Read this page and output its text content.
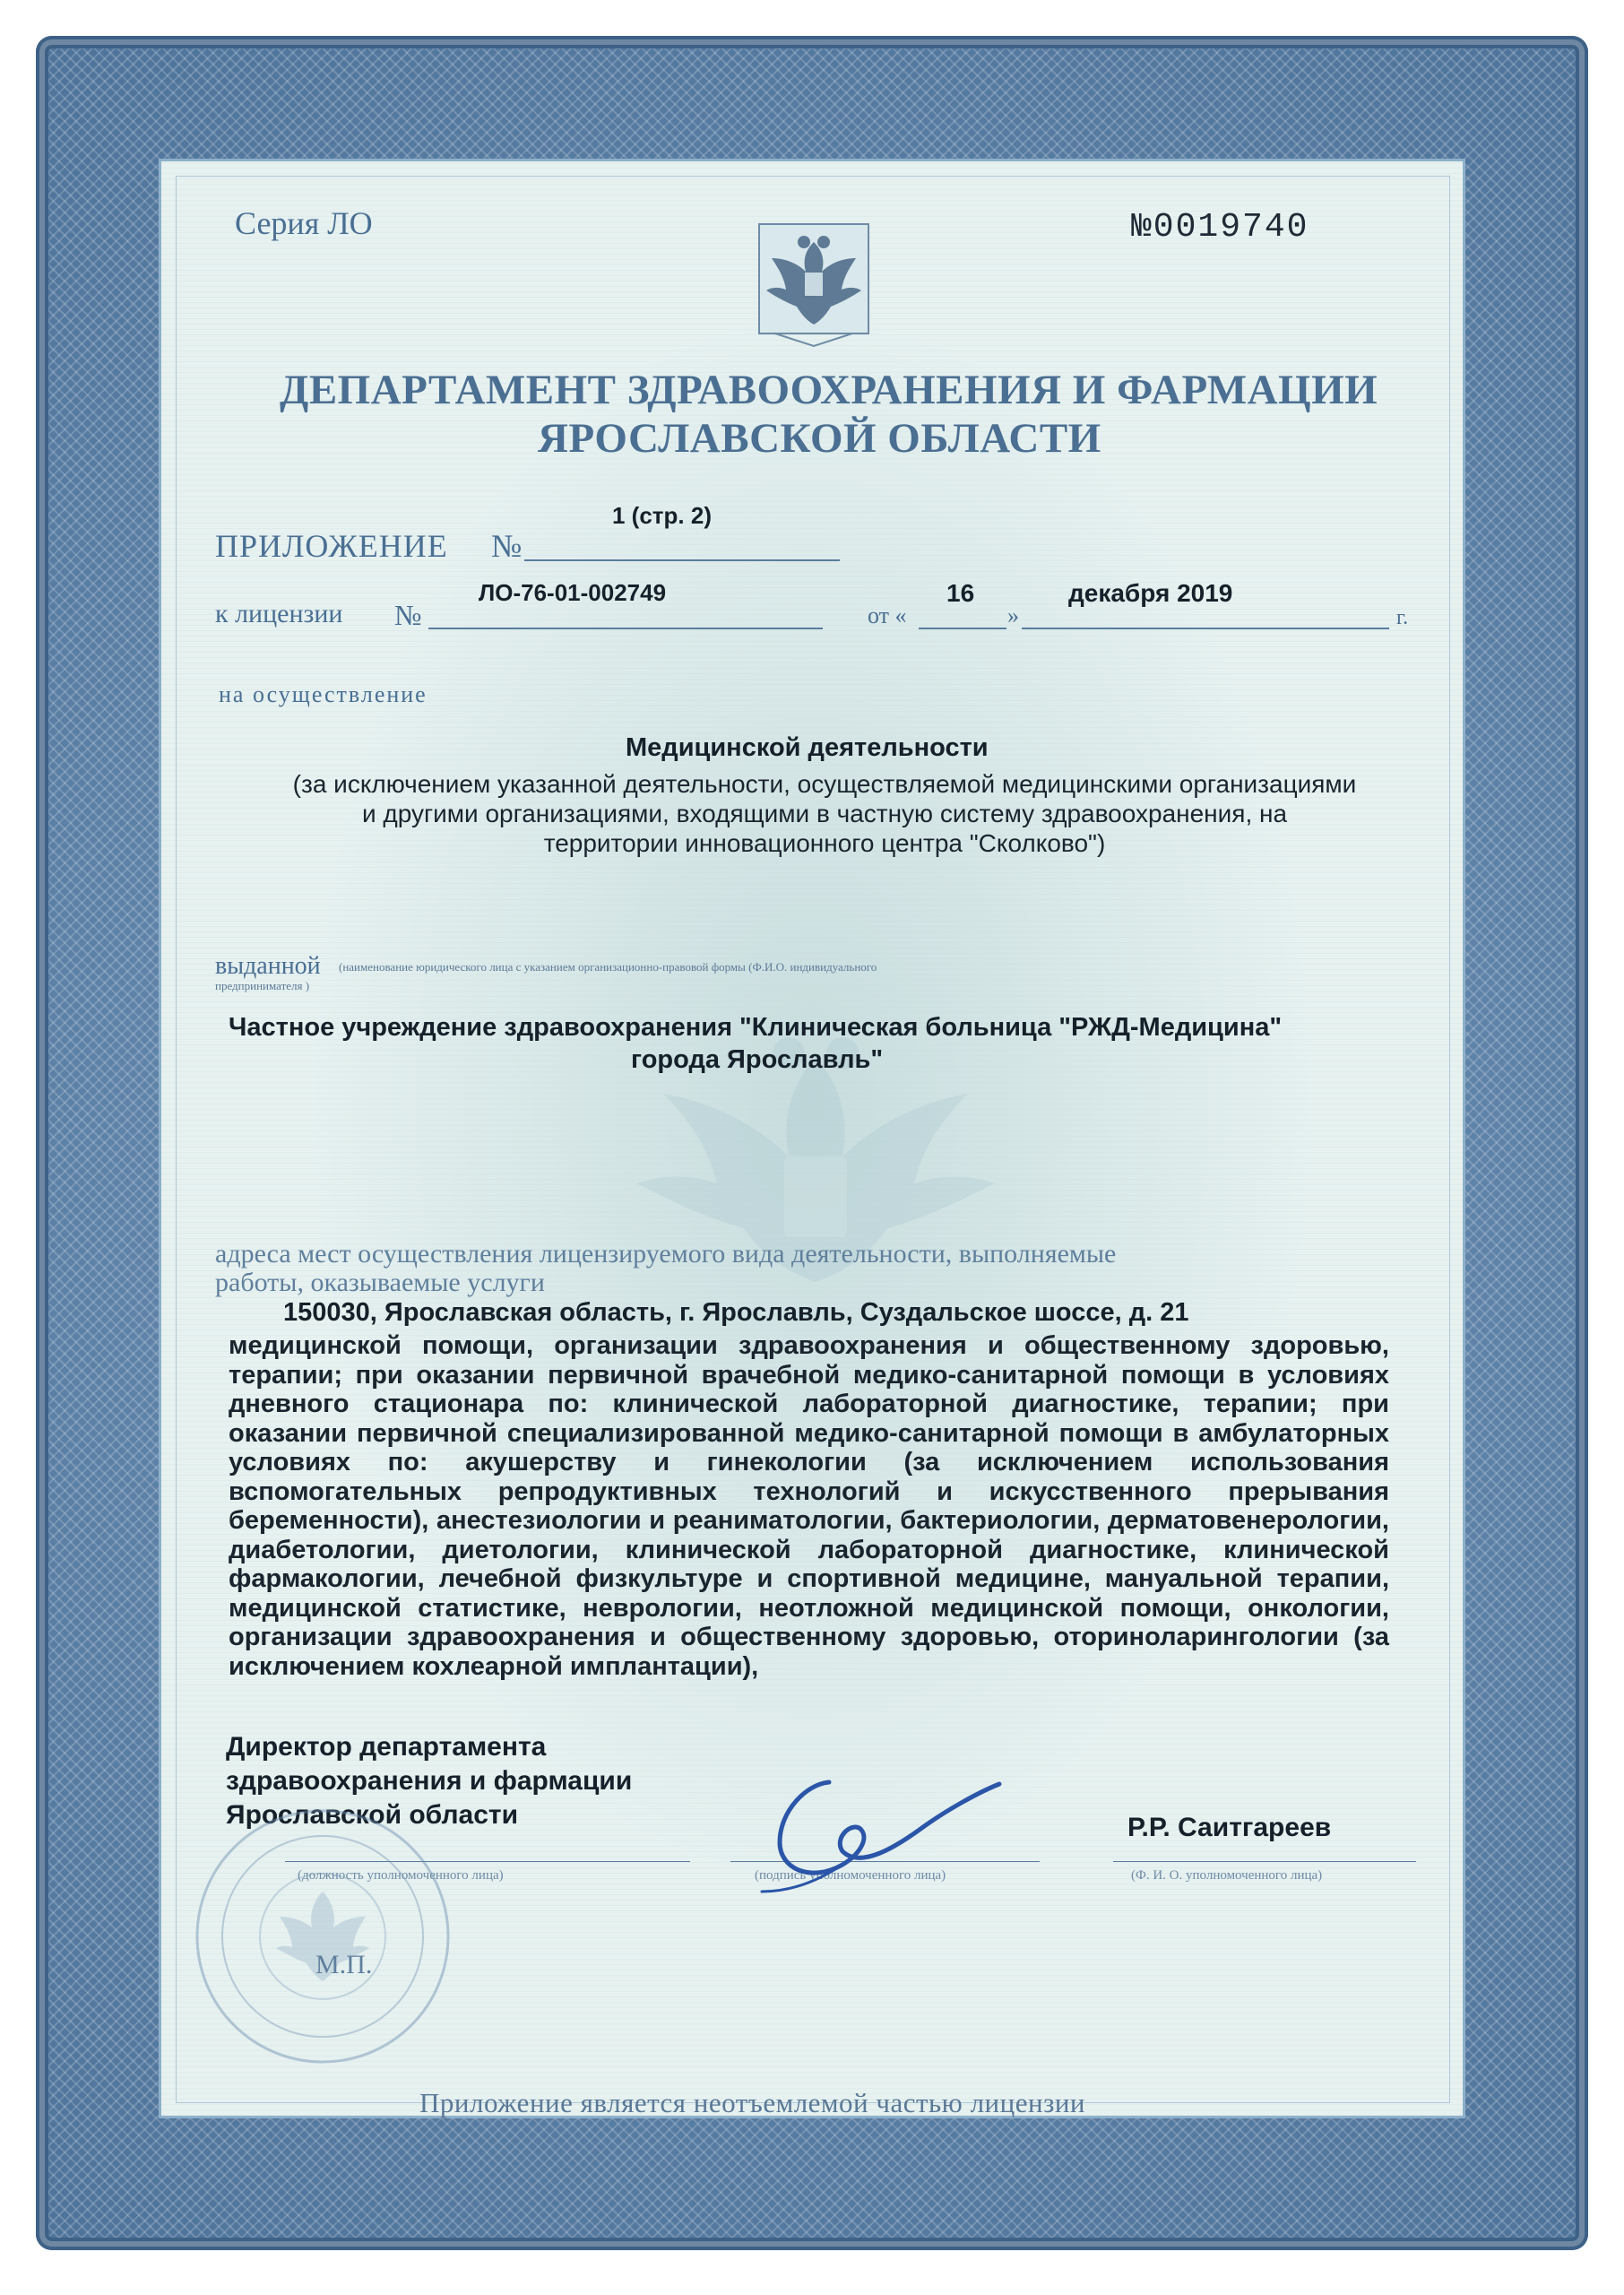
Серия ЛО	№0019740
ДЕПАРТАМЕНТ ЗДРАВООХРАНЕНИЯ И ФАРМАЦИИ
ЯРОСЛАВСКОЙ ОБЛАСТИ
ПРИЛОЖЕНИЕ №
1 (стр. 2)
к лицензии №
ЛО-76-01-002749
от «
16
»
декабря 2019
г.
на осуществление
Медицинской деятельности
(за исключением указанной деятельности, осуществляемой медицинскими организациями
и другими организациями, входящими в частную систему здравоохранения, на
территории инновационного центра "Сколково")
выданной (наименование юридического лица с указанием организационно-правовой формы (Ф.И.О. индивидуального
предпринимателя )
Частное учреждение здравоохранения "Клиническая больница "РЖД-Медицина"
города Ярославль"
адреса мест осуществления лицензируемого вида деятельности, выполняемые
работы, оказываемые услуги
150030, Ярославская область, г. Ярославль, Суздальское шоссе, д. 21
медицинской помощи, организации здравоохранения и общественному здоровью, терапии; при оказании первичной врачебной медико-санитарной помощи в условиях дневного стационара по: клинической лабораторной диагностике, терапии; при оказании первичной специализированной медико-санитарной помощи в амбулаторных условиях по: акушерству и гинекологии (за исключением использования вспомогательных репродуктивных технологий и искусственного прерывания беременности), анестезиологии и реаниматологии, бактериологии, дерматовенерологии, диабетологии, диетологии, клинической лабораторной диагностике, клинической фармакологии, лечебной физкультуре и спортивной медицине, мануальной терапии, медицинской статистике, неврологии, неотложной медицинской помощи, онкологии, организации здравоохранения и общественному здоровью, оториноларингологии (за исключением кохлеарной имплантации),
Директор департамента
здравоохранения и фармации
Ярославской области	Р.Р. Саитгареев
(должность уполномоченного лица)	(подпись уполномоченного лица)	(Ф. И. О. уполномоченного лица)
М.П.
Приложение является неотъемлемой частью лицензии
